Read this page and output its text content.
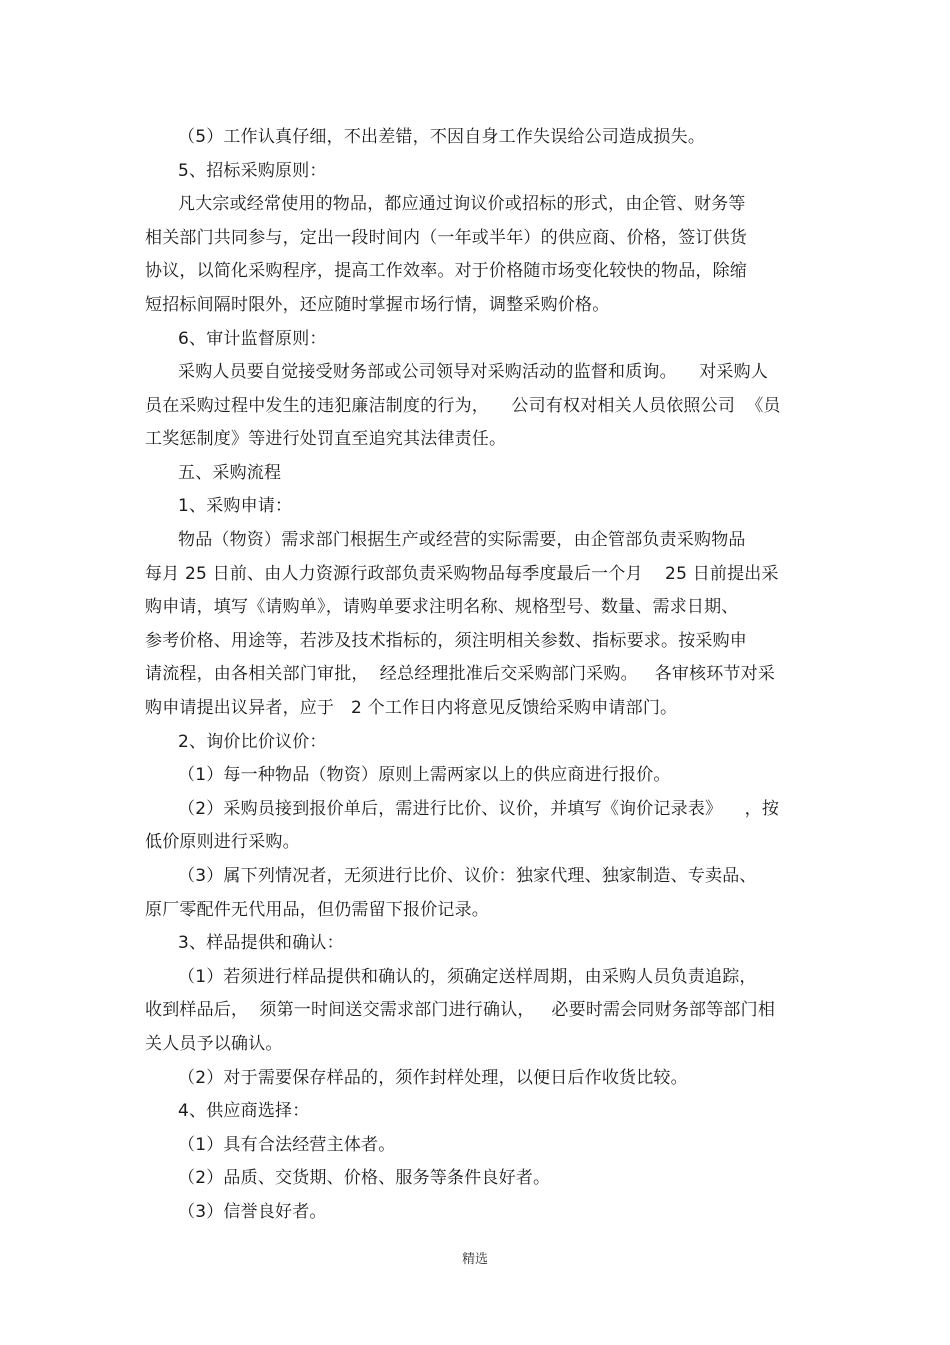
（5）工作认真仔细，不出差错，不因自身工作失误给公司造成损失。
5、招标采购原则：
凡大宗或经常使用的物品，都应通过询议价或招标的形式，由企管、财务等
相关部门共同参与，定出一段时间内（一年或半年）的供应商、价格，签订供货
协议，以简化采购程序，提高工作效率。对于价格随市场变化较快的物品，除缩
短招标间隔时限外，还应随时掌握市场行情，调整采购价格。
6、审计监督原则：
采购人员要自觉接受财务部或公司领导对采购活动的监督和质询。    对采购人
员在采购过程中发生的违犯廉洁制度的行为，    公司有权对相关人员依照公司  《员
工奖惩制度》等进行处罚直至追究其法律责任。
五、采购流程
1、采购申请：
物品（物资）需求部门根据生产或经营的实际需要，由企管部负责采购物品
每月 25 日前、由人力资源行政部负责采购物品每季度最后一个月    25 日前提出采
购申请，填写《请购单》，请购单要求注明名称、规格型号、数量、需求日期、
参考价格、用途等，若涉及技术指标的，须注明相关参数、指标要求。按采购申
请流程，由各相关部门审批，  经总经理批准后交采购部门采购。   各审核环节对采
购申请提出议异者，应于   2 个工作日内将意见反馈给采购申请部门。
2、询价比价议价：
（1）每一种物品（物资）原则上需两家以上的供应商进行报价。
（2）采购员接到报价单后，需进行比价、议价，并填写《询价记录表》    ，按
低价原则进行采购。
（3）属下列情况者，无须进行比价、议价：独家代理、独家制造、专卖品、
原厂零配件无代用品，但仍需留下报价记录。
3、样品提供和确认：
（1）若须进行样品提供和确认的，须确定送样周期，由采购人员负责追踪，
收到样品后，  须第一时间送交需求部门进行确认，   必要时需会同财务部等部门相
关人员予以确认。
（2）对于需要保存样品的，须作封样处理，以便日后作收货比较。
4、供应商选择：
（1）具有合法经营主体者。
（2）品质、交货期、价格、服务等条件良好者。
（3）信誉良好者。
精选
